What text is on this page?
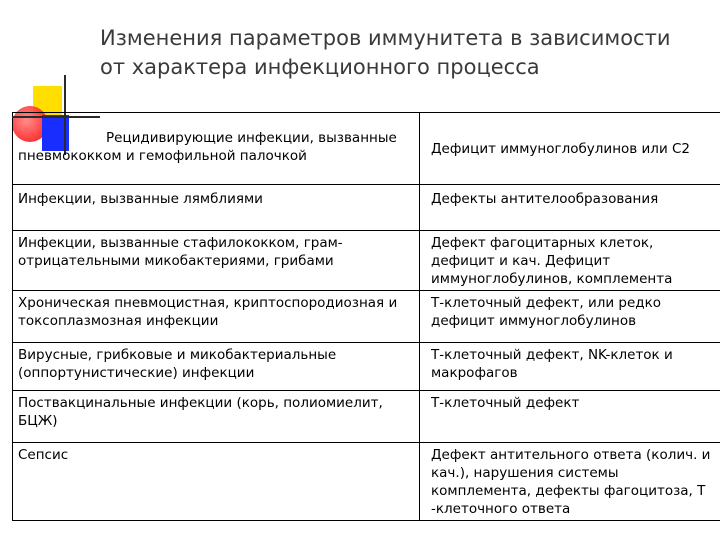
Изменения параметров иммунитета в зависимости от характера инфекционного процесса
Рецидивирующие инфекции, вызванные пневмококком и гемофильной палочкой	Дефицит иммуноглобулинов или С2
Инфекции, вызванные лямблиями	Дефекты антителообразования
Инфекции, вызванные стафилококком, грам-отрицательными микобактериями, грибами	Дефект фагоцитарных клеток, дефицит и кач. Дефицит иммуноглобулинов, комплемента
Хроническая пневмоцистная, криптоспородиозная и токсоплазмозная инфекции	Т-клеточный дефект, или редко дефицит иммуноглобулинов
Вирусные, грибковые и микобактериальные (оппортунистические) инфекции	Т-клеточный дефект, NK-клеток и макрофагов
Поствакцинальные инфекции (корь, полиомиелит, БЦЖ)	Т-клеточный дефект
Сепсис	Дефект антительного ответа (колич. и кач.), нарушения системы комплемента, дефекты фагоцитоза, Т -клеточного ответа
